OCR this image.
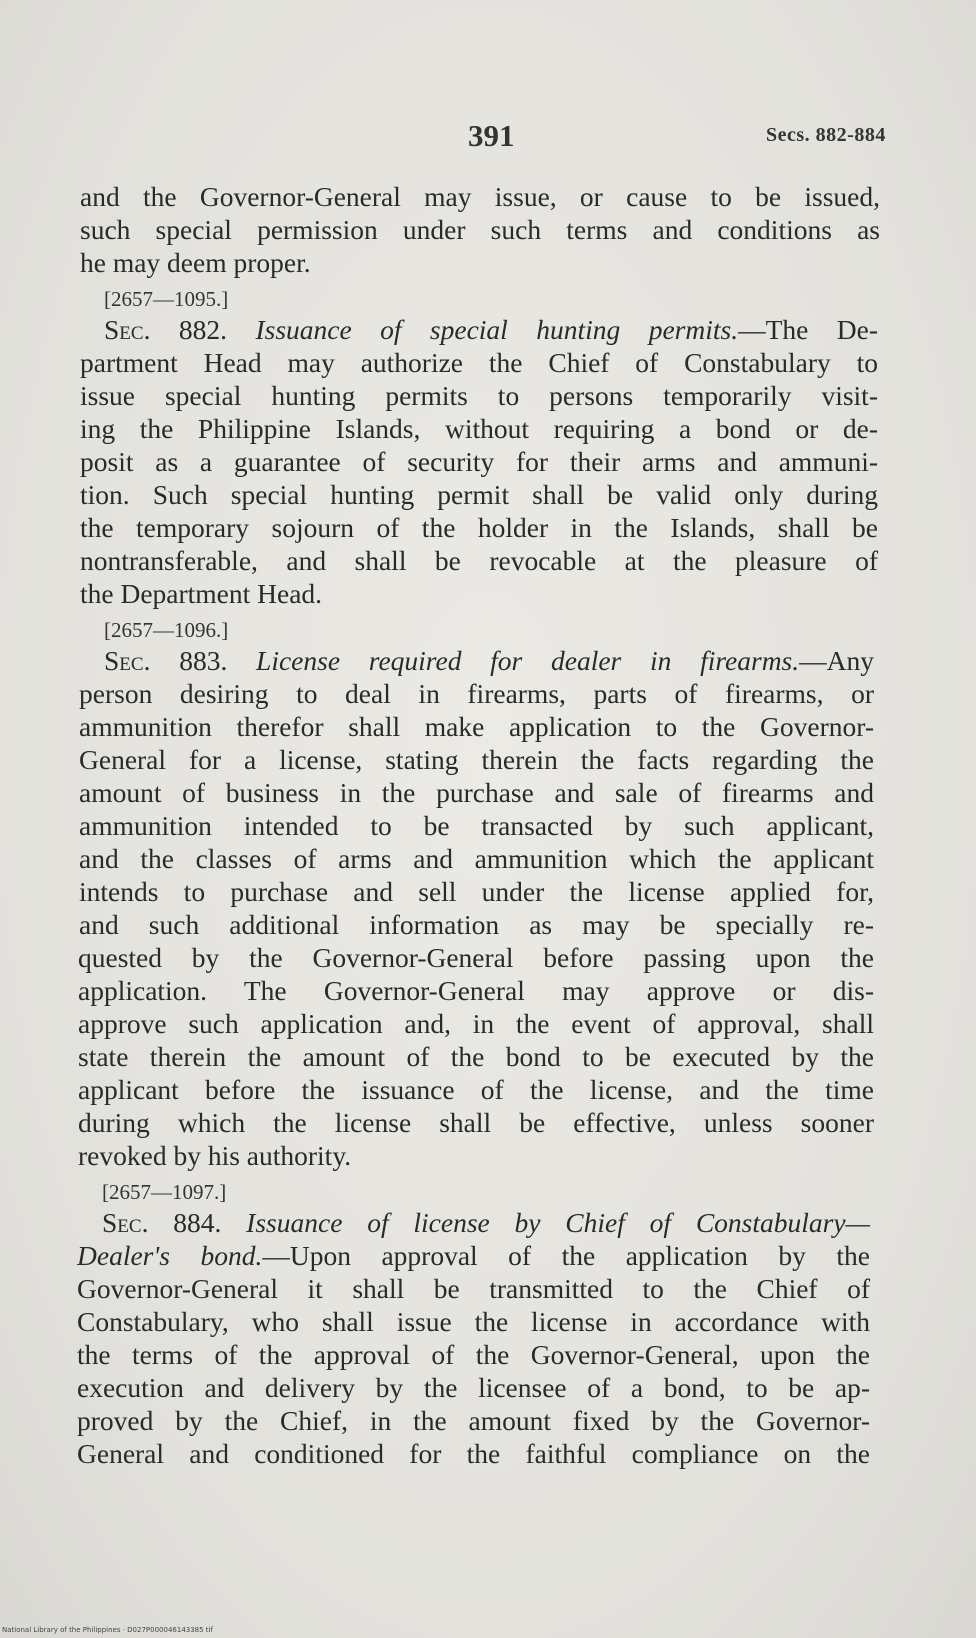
391	Secs. 882-884
and the Governor-General may issue, or cause to be issued,
such special permission under such terms and conditions as
he may deem proper.
[2657—1095.]
Sec. 882. Issuance of special hunting permits.—The De-
partment Head may authorize the Chief of Constabulary to
issue special hunting permits to persons temporarily visit-
ing the Philippine Islands, without requiring a bond or de-
posit as a guarantee of security for their arms and ammuni-
tion. Such special hunting permit shall be valid only during
the temporary sojourn of the holder in the Islands, shall be
nontransferable, and shall be revocable at the pleasure of
the Department Head.
[2657—1096.]
Sec. 883. License required for dealer in firearms.—Any
person desiring to deal in firearms, parts of firearms, or
ammunition therefor shall make application to the Governor-
General for a license, stating therein the facts regarding the
amount of business in the purchase and sale of firearms and
ammunition intended to be transacted by such applicant,
and the classes of arms and ammunition which the applicant
intends to purchase and sell under the license applied for,
and such additional information as may be specially re-
quested by the Governor-General before passing upon the
application. The Governor-General may approve or dis-
approve such application and, in the event of approval, shall
state therein the amount of the bond to be executed by the
applicant before the issuance of the license, and the time
during which the license shall be effective, unless sooner
revoked by his authority.
[2657—1097.]
Sec. 884. Issuance of license by Chief of Constabulary—
Dealer's bond.—Upon approval of the application by the
Governor-General it shall be transmitted to the Chief of
Constabulary, who shall issue the license in accordance with
the terms of the approval of the Governor-General, upon the
execution and delivery by the licensee of a bond, to be ap-
proved by the Chief, in the amount fixed by the Governor-
General and conditioned for the faithful compliance on the
National Library of the Philippines · D027P000046143385 tif
